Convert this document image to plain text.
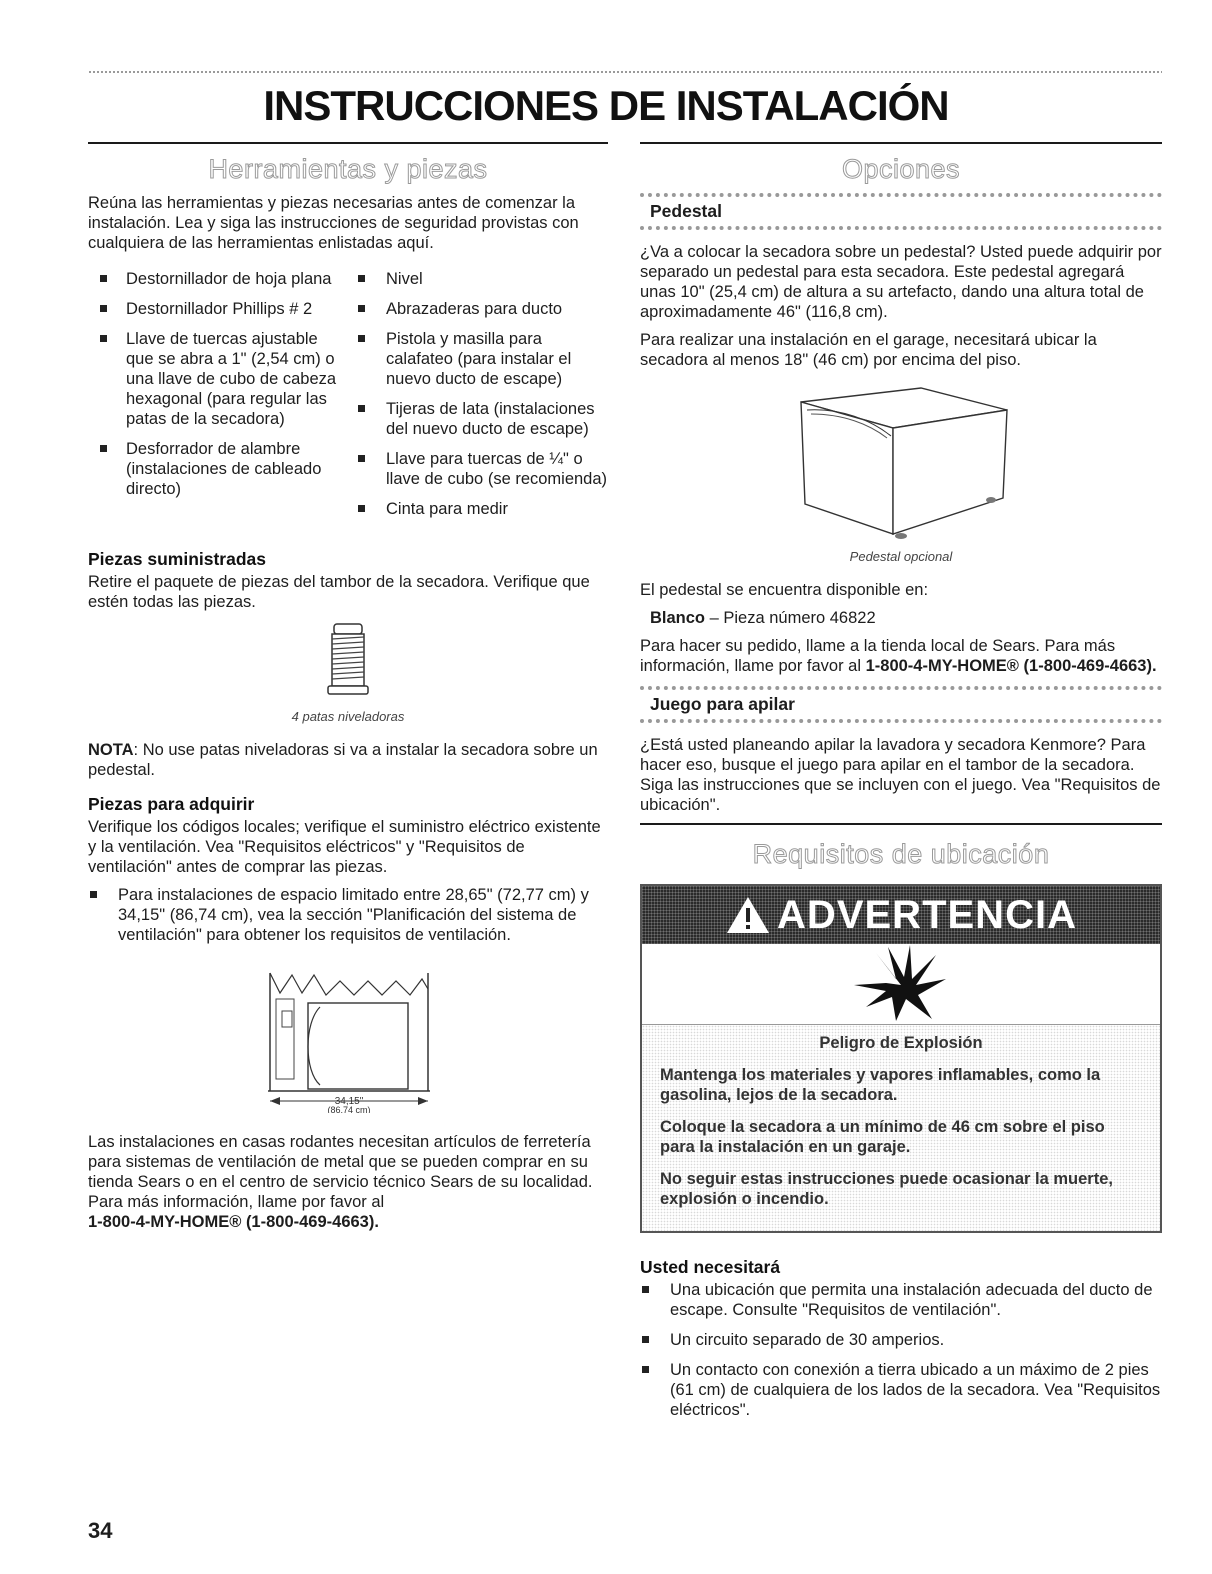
INSTRUCCIONES DE INSTALACIÓN
Herramientas y piezas

Reúna las herramientas y piezas necesarias antes de comenzar la instalación. Lea y siga las instrucciones de seguridad provistas con cualquiera de las herramientas enlistadas aquí.

Destornillador de hoja plana
Destornillador Phillips # 2
Llave de tuercas ajustable que se abra a 1" (2,54 cm) o una llave de cubo de cabeza hexagonal (para regular las patas de la secadora)
Desforrador de alambre (instalaciones de cableado directo)
Nivel
Abrazaderas para ducto
Pistola y masilla para calafateo (para instalar el nuevo ducto de escape)
Tijeras de lata (instalaciones del nuevo ducto de escape)
Llave para tuercas de ¼" o llave de cubo (se recomienda)
Cinta para medir
Piezas suministradas

Retire el paquete de piezas del tambor de la secadora. Verifique que estén todas las piezas.

4 patas niveladoras

NOTA: No use patas niveladoras si va a instalar la secadora sobre un pedestal.

Piezas para adquirir

Verifique los códigos locales; verifique el suministro eléctrico existente y la ventilación. Vea "Requisitos eléctricos" y "Requisitos de ventilación" antes de comprar las piezas.

Para instalaciones de espacio limitado entre 28,65" (72,77 cm) y 34,15" (86,74 cm), vea la sección "Planificación del sistema de ventilación" para obtener los requisitos de ventilación.
34,15"
(86,74 cm)

Las instalaciones en casas rodantes necesitan artículos de ferretería para sistemas de ventilación de metal que se pueden comprar en su tienda Sears o en el centro de servicio técnico Sears de su localidad. Para más información, llame por favor al
1-800-4-MY-HOME® (1-800-469-4663).

Opciones
Pedestal

¿Va a colocar la secadora sobre un pedestal? Usted puede adquirir por separado un pedestal para esta secadora. Este pedestal agregará unas 10" (25,4 cm) de altura a su artefacto, dando una altura total de aproximadamente 46" (116,8 cm).

Para realizar una instalación en el garage, necesitará ubicar la secadora al menos 18" (46 cm) por encima del piso.

Pedestal opcional

El pedestal se encuentra disponible en:

Blanco – Pieza número 46822

Para hacer su pedido, llame a la tienda local de Sears. Para más información, llame por favor al 1-800-4-MY-HOME® (1-800-469-4663).

Juego para apilar

¿Está usted planeando apilar la lavadora y secadora Kenmore? Para hacer eso, busque el juego para apilar en el tambor de la secadora. Siga las instrucciones que se incluyen con el juego. Vea "Requisitos de ubicación".

Requisitos de ubicación
ADVERTENCIA

Peligro de Explosión

Mantenga los materiales y vapores inflamables, como la gasolina, lejos de la secadora.

Coloque la secadora a un mínimo de 46 cm sobre el piso para la instalación en un garaje.

No seguir estas instrucciones puede ocasionar la muerte, explosión o incendio.

Usted necesitará
Una ubicación que permita una instalación adecuada del ducto de escape. Consulte "Requisitos de ventilación".
Un circuito separado de 30 amperios.
Un contacto con conexión a tierra ubicado a un máximo de 2 pies (61 cm) de cualquiera de los lados de la secadora. Vea "Requisitos eléctricos".
34
